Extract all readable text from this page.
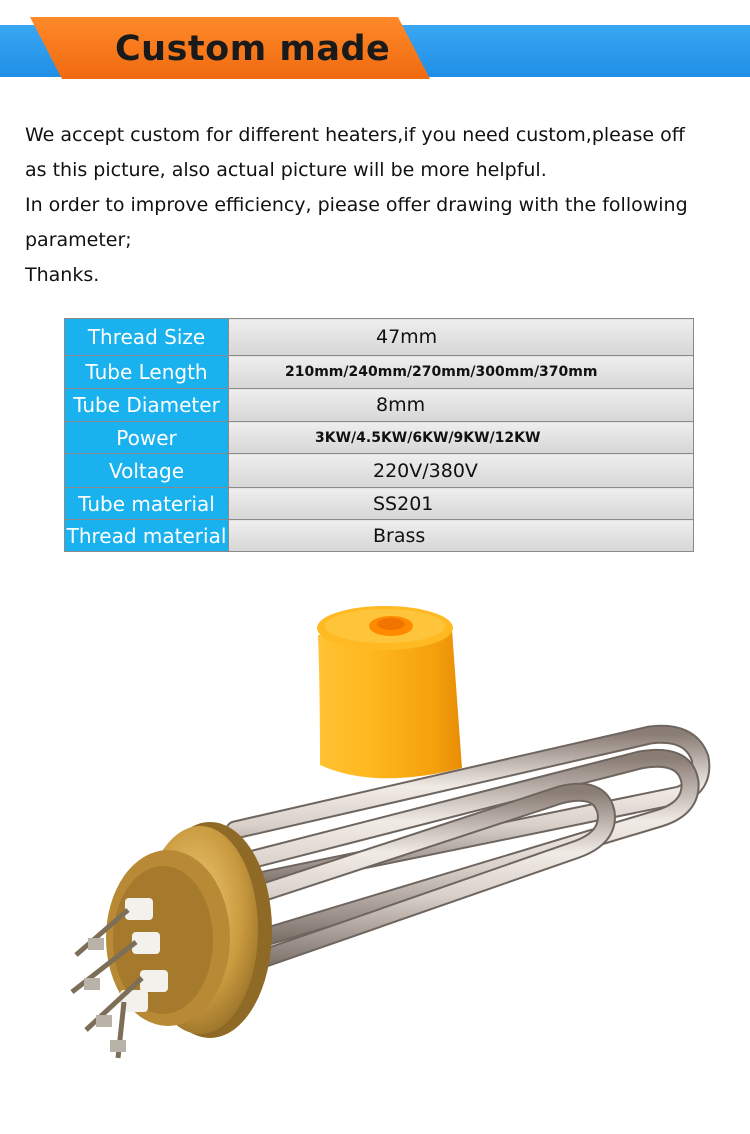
Custom made

We accept custom for different heaters,if you need custom,please off

as this picture, also actual picture will be more helpful.

In order to improve efficiency, piease offer drawing with the following

parameter;

Thanks.

Thread Size	47mm
Tube Length	210mm/240mm/270mm/300mm/370mm
Tube Diameter	8mm
Power	3KW/4.5KW/6KW/9KW/12KW
Voltage	220V/380V
Tube material	SS201
Thread material	Brass
